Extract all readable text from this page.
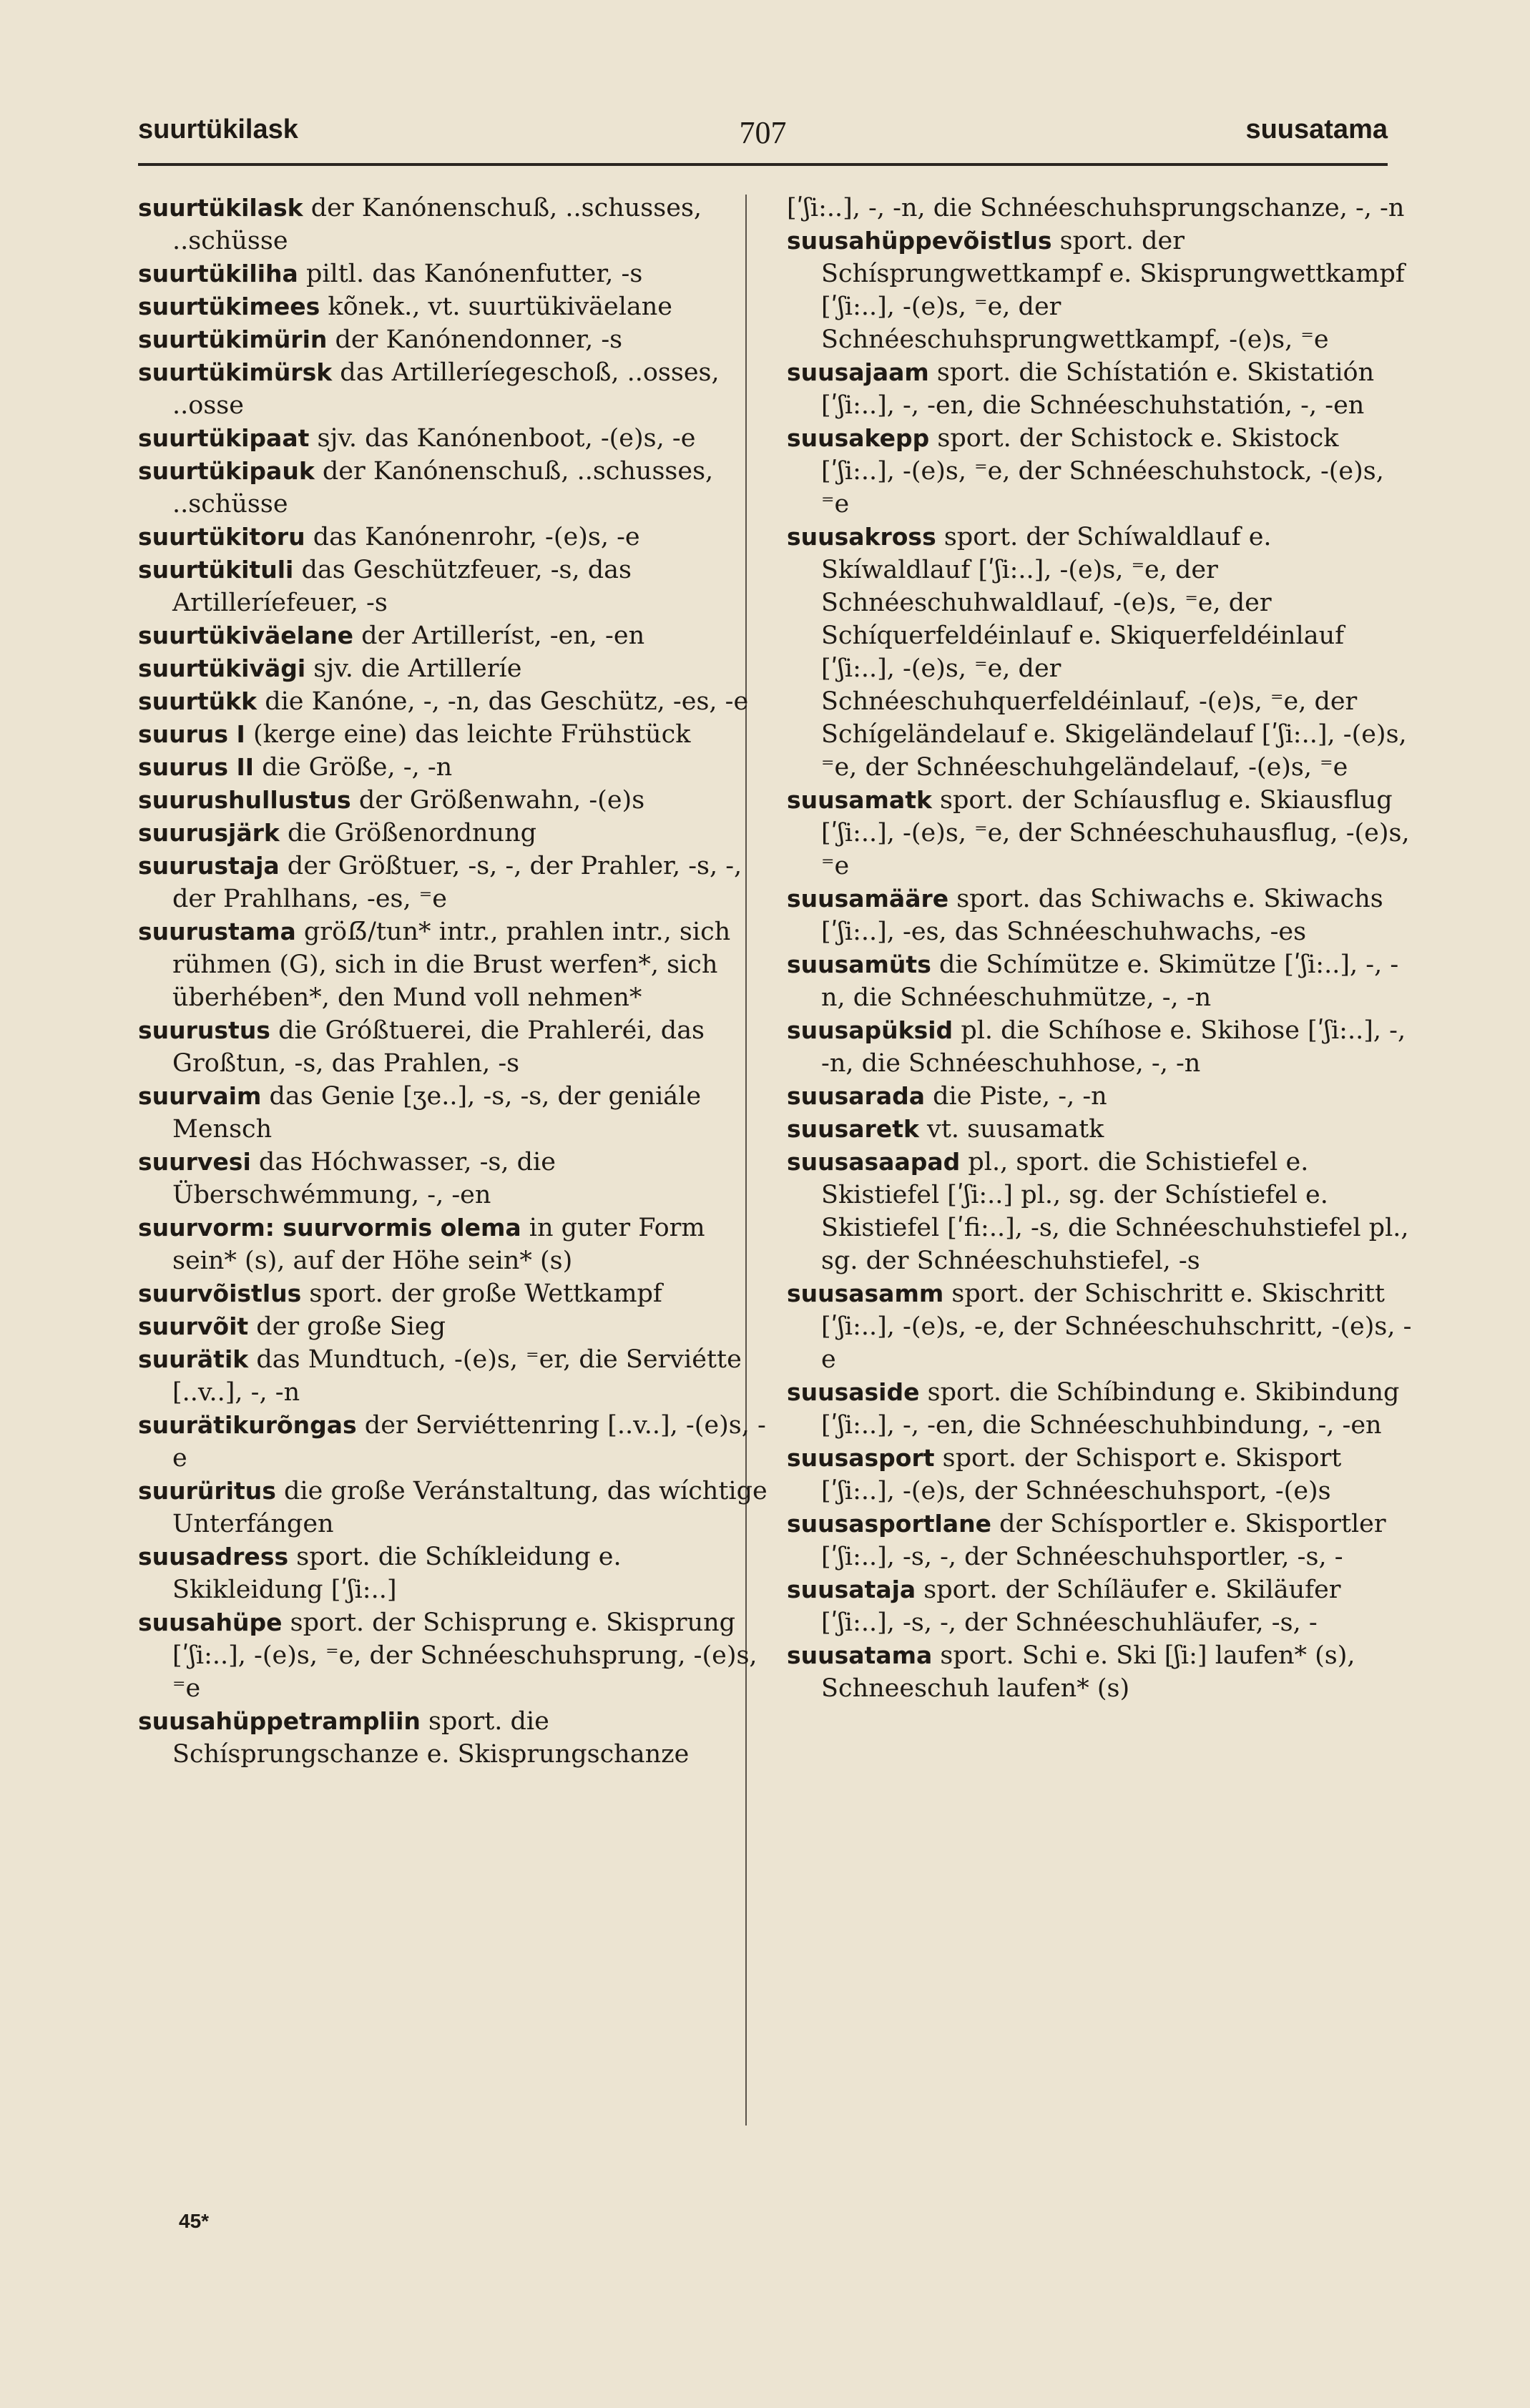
suurtükilask	707	suusatama

suurtükilask der Kanónenschuß, ..schusses, ..schüsse

suurtükiliha piltl. das Kanónenfutter, -s

suurtükimees kõnek., vt. suurtükiväelane

suurtükimürin der Kanónendonner, -s

suurtükimürsk das Artilleríegeschoß, ..osses, ..osse

suurtükipaat sjv. das Kanónenboot, -(e)s, -e

suurtükipauk der Kanónenschuß, ..schusses, ..schüsse

suurtükitoru das Kanónenrohr, -(e)s, -e

suurtükituli das Geschützfeuer, -s, das Artilleríefeuer, -s

suurtükiväelane der Artilleríst, -en, -en

suurtükivägi sjv. die Artilleríe

suurtükk die Kanóne, -, -n, das Geschütz, -es, -e

suurus I (kerge eine) das leichte Frühstück

suurus II die Größe, -, -n

suurushullustus der Größenwahn, -(e)s

suurusjärk die Größenordnung

suurustaja der Größtuer, -s, -, der Prahler, -s, -, der Prahlhans, -es, ⁼e

suurustama gröẞ/tun* intr., prahlen intr., sich rühmen (G), sich in die Brust werfen*, sich überhében*, den Mund voll nehmen*

suurustus die Gróßtuerei, die Prahleréi, das Großtun, -s, das Prahlen, -s

suurvaim das Genie [ʒe..], -s, -s, der geniále Mensch

suurvesi das Hóchwasser, -s, die Überschwémmung, -, -en

suurvorm: suurvormis olema in guter Form sein* (s), auf der Höhe sein* (s)

suurvõistlus sport. der große Wettkampf

suurvõit der große Sieg

suurätik das Mundtuch, -(e)s, ⁼er, die Serviétte [..v..], -, -n

suurätikurõngas der Serviéttenring [..v..], -(e)s, -e

suurüritus die große Veránstaltung, das wíchtige Unterfángen

suusadress sport. die Schíkleidung e. Skikleidung [ʹʃi:..]

suusahüpe sport. der Schisprung e. Skisprung [ʹʃi:..], -(e)s, ⁼e, der Schnéeschuhsprung, -(e)s, ⁼e

suusahüppetrampliin sport. die Schísprungschanze e. Skisprungschanze

[ʹʃi:..], -, -n, die Schnéeschuhsprungschanze, -, -n

suusahüppevõistlus sport. der Schísprungwettkampf e. Skisprungwettkampf [ʹʃi:..], -(e)s, ⁼e, der Schnéeschuhsprungwettkampf, -(e)s, ⁼e

suusajaam sport. die Schístatión e. Skistatión [ʹʃi:..], -, -en, die Schnéeschuhstatión, -, -en

suusakepp sport. der Schistock e. Skistock [ʹʃi:..], -(e)s, ⁼e, der Schnéeschuhstock, -(e)s, ⁼e

suusakross sport. der Schíwaldlauf e. Skíwaldlauf [ʹʃi:..], -(e)s, ⁼e, der Schnéeschuhwaldlauf, -(e)s, ⁼e, der Schíquerfeldéinlauf e. Skiquerfeldéinlauf [ʹʃi:..], -(e)s, ⁼e, der Schnéeschuhquerfeldéinlauf, -(e)s, ⁼e, der Schígeländelauf e. Skigeländelauf [ʹʃi:..], -(e)s, ⁼e, der Schnéeschuhgeländelauf, -(e)s, ⁼e

suusamatk sport. der Schíausflug e. Skiausflug [ʹʃi:..], -(e)s, ⁼e, der Schnéeschuhausflug, -(e)s, ⁼e

suusamääre sport. das Schiwachs e. Skiwachs [ʹʃi:..], -es, das Schnéeschuhwachs, -es

suusamüts die Schímütze e. Skimütze [ʹʃi:..], -, -n, die Schnéeschuhmütze, -, -n

suusapüksid pl. die Schíhose e. Skihose [ʹʃi:..], -, -n, die Schnéeschuhhose, -, -n

suusarada die Piste, -, -n

suusaretk vt. suusamatk

suusasaapad pl., sport. die Schistiefel e. Skistiefel [ʹʃi:..] pl., sg. der Schístiefel e. Skistiefel [ʹfi:..], -s, die Schnéeschuhstiefel pl., sg. der Schnéeschuhstiefel, -s

suusasamm sport. der Schischritt e. Skischritt [ʹʃi:..], -(e)s, -e, der Schnéeschuhschritt, -(e)s, -e

suusaside sport. die Schíbindung e. Skibindung [ʹʃi:..], -, -en, die Schnéeschuhbindung, -, -en

suusasport sport. der Schisport e. Skisport [ʹʃi:..], -(e)s, der Schnéeschuhsport, -(e)s

suusasportlane der Schísportler e. Skisportler [ʹʃi:..], -s, -, der Schnéeschuhsportler, -s, -

suusataja sport. der Schíläufer e. Skiläufer [ʹʃi:..], -s, -, der Schnéeschuhläufer, -s, -

suusatama sport. Schi e. Ski [ʃi:] laufen* (s), Schneeschuh laufen* (s)

45*
